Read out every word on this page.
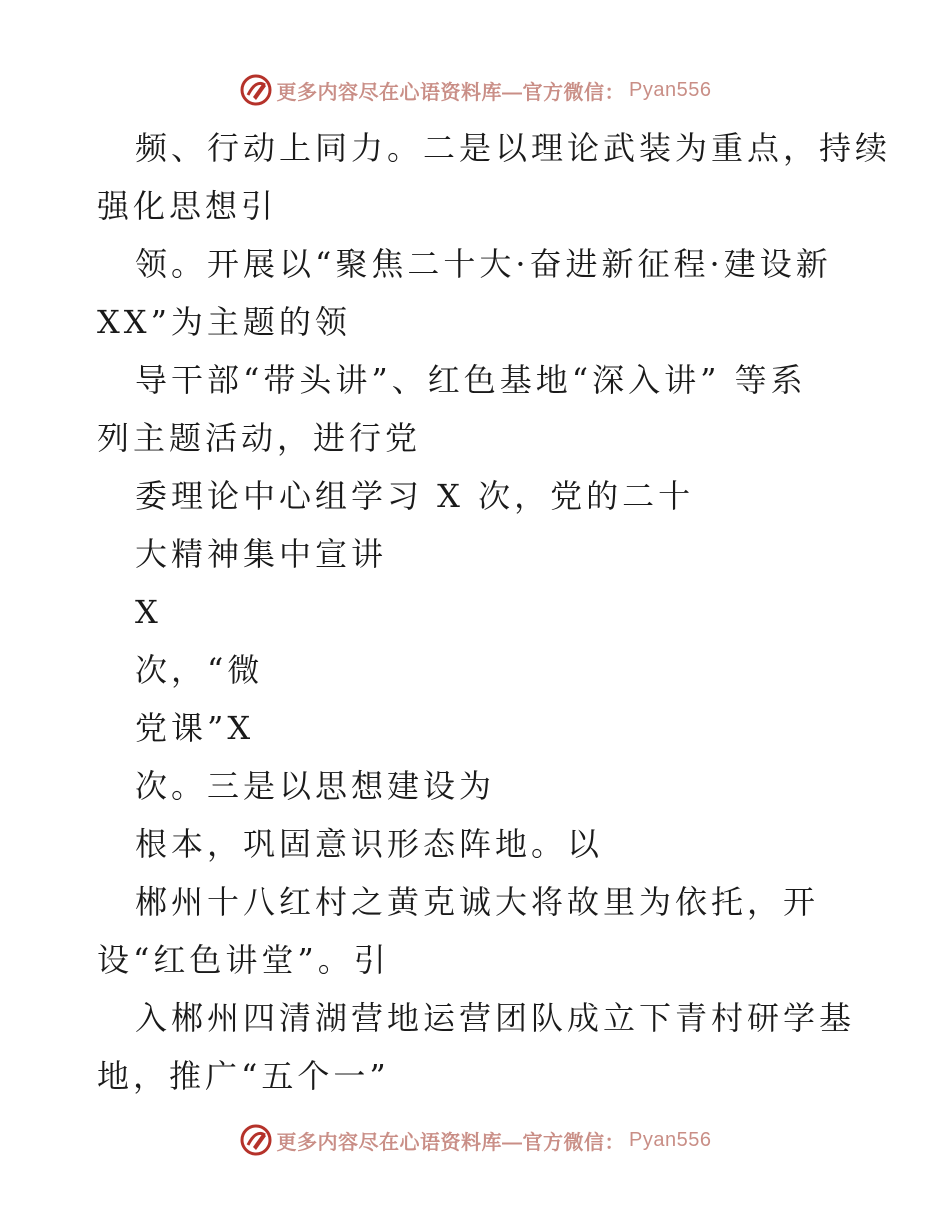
更多内容尽在心语资料库—官方微信： Pyan556
频、行动上同力。二是以理论武装为重点，持续
强化思想引
领。开展以“聚焦二十大·奋进新征程·建设新
XX”为主题的领
导干部“带头讲”、红色基地“深入讲” 等系
列主题活动，进行党
委理论中心组学习 X 次，党的二十
大精神集中宣讲
X
次，“微
党课”X
次。三是以思想建设为
根本，巩固意识形态阵地。以
郴州十八红村之黄克诚大将故里为依托，开
设“红色讲堂”。引
入郴州四清湖营地运营团队成立下青村研学基
地，推广“五个一”
更多内容尽在心语资料库—官方微信： Pyan556
